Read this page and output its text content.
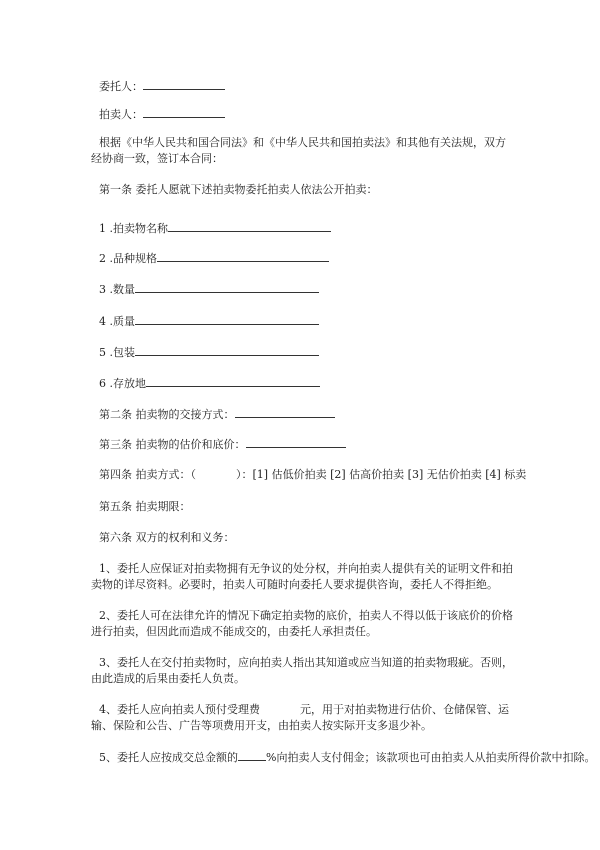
委托人：
拍卖人：
根据《中华人民共和国合同法》和《中华人民共和国拍卖法》和其他有关法规，双方经协商一致，签订本合同：
第一条 委托人愿就下述拍卖物委托拍卖人依法公开拍卖：
1 .拍卖物名称
2 .品种规格
3 .数量
4 .质量
5 .包装
6 .存放地
第二条 拍卖物的交接方式：
第三条 拍卖物的估价和底价：
第四条 拍卖方式：（	）：[1] 估低价拍卖 [2] 估高价拍卖 [3] 无估价拍卖 [4] 标卖
第五条 拍卖期限：
第六条 双方的权利和义务：
1、委托人应保证对拍卖物拥有无争议的处分权，并向拍卖人提供有关的证明文件和拍卖物的详尽资料。必要时，拍卖人可随时向委托人要求提供咨询，委托人不得拒绝。
2、委托人可在法律允许的情况下确定拍卖物的底价，拍卖人不得以低于该底价的价格进行拍卖，但因此而造成不能成交的，由委托人承担责任。
3、委托人在交付拍卖物时，应向拍卖人指出其知道或应当知道的拍卖物瑕疵。否则，由此造成的后果由委托人负责。
4、委托人应向拍卖人预付受理费	元，用于对拍卖物进行估价、仓储保管、运输、保险和公告、广告等项费用开支，由拍卖人按实际开支多退少补。
5、委托人应按成交总金额的	%向拍卖人支付佣金；该款项也可由拍卖人从拍卖所得价款中扣除。
